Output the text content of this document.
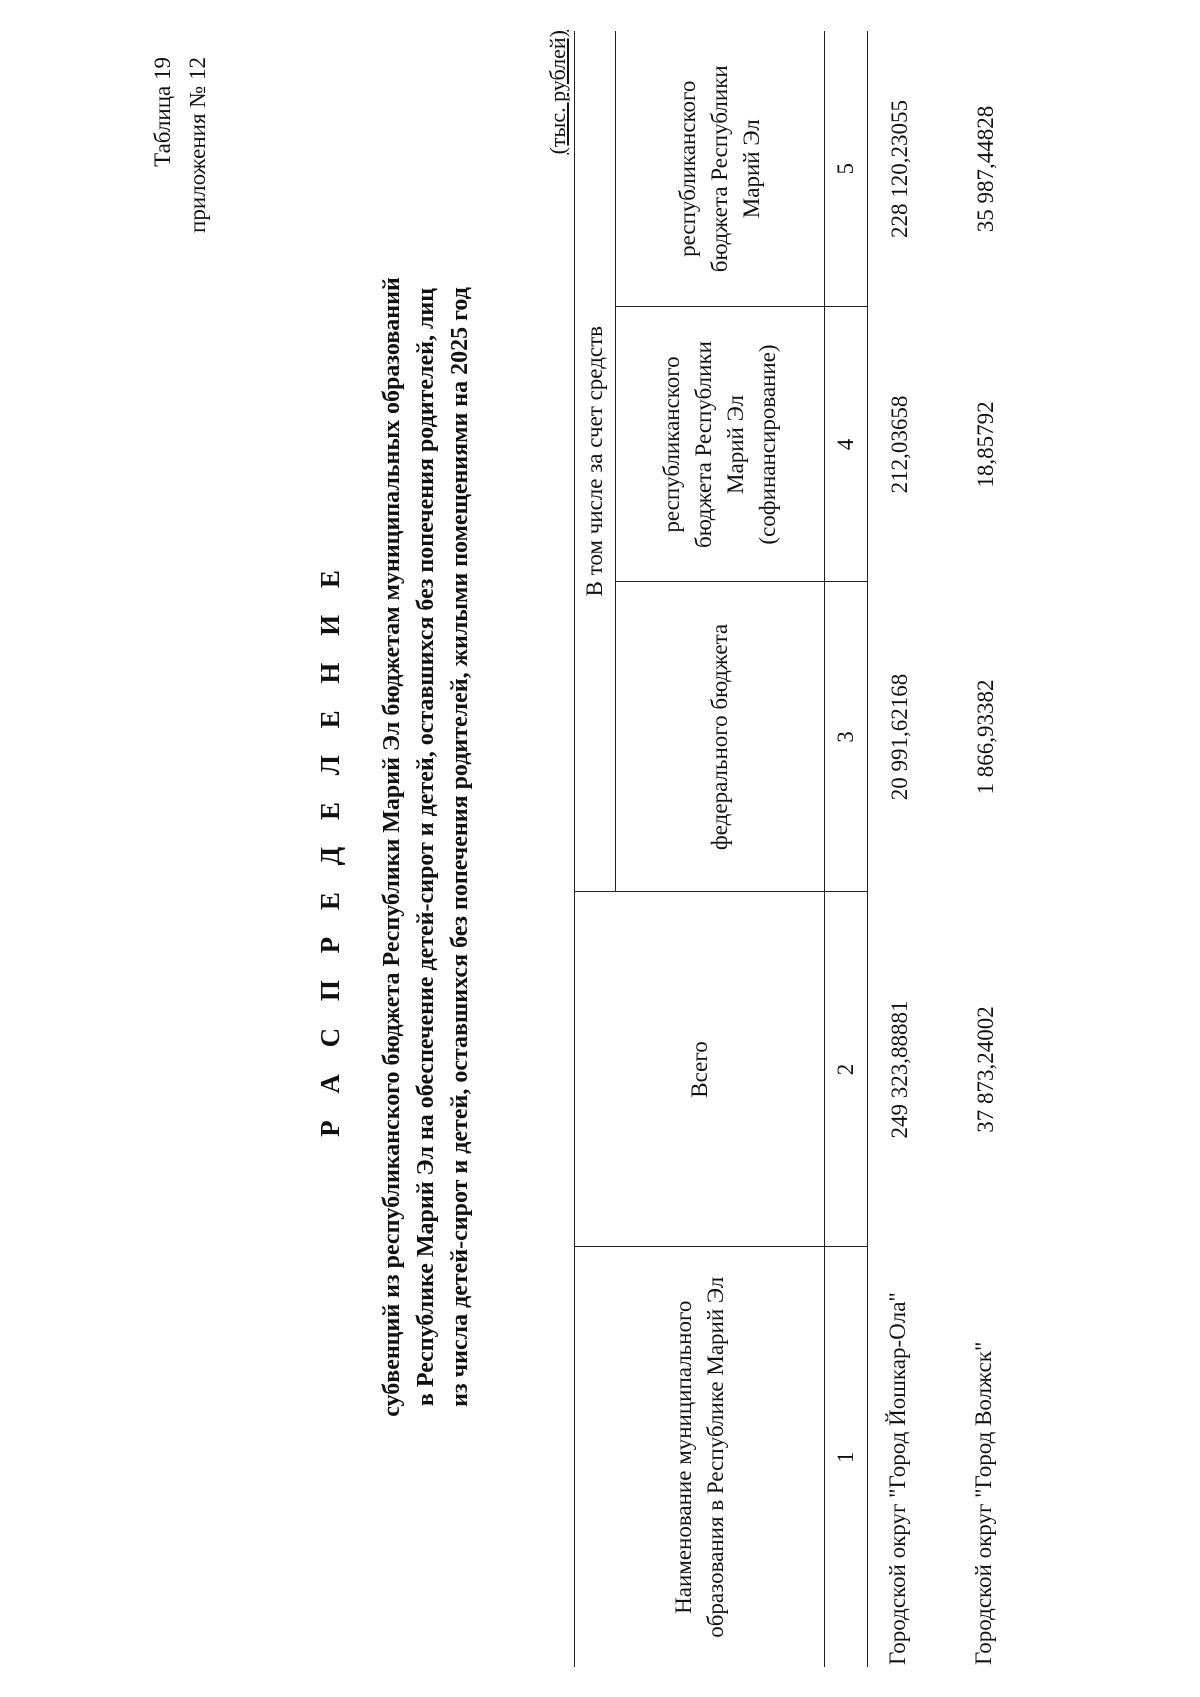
Таблица 19 приложения № 12
Р А С П Р Е Д Е Л Е Н И Е субвенций из республиканского бюджета Республики Марий Эл бюджетам муниципальных образований в Республике Марий Эл на обеспечение детей-сирот и детей, оставшихся без попечения родителей, лиц из числа детей-сирот и детей, оставшихся без попечения родителей, жилыми помещениями на 2025 год
(тыс. рублей)
Наименование муниципального образования в Республике Марий Эл	Всего	В том числе за счет средств		
		федерального бюджета	республиканского бюджета Республики Марий Эл (софинансирование)	республиканского бюджета Республики Марий Эл
1	2	3	4	5
Городской округ "Город Йошкар-Ола"	249 323,88881	20 991,62168	212,03658	228 120,23055
Городской округ "Город Волжск"	37 873,24002	1 866,93382	18,85792	35 987,44828
